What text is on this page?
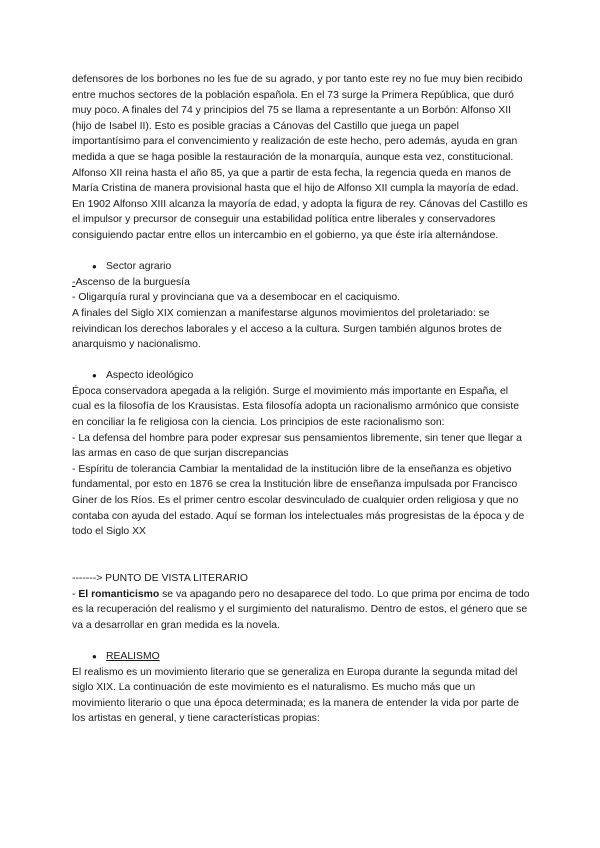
defensores de los borbones no les fue de su agrado, y por tanto este rey no fue muy bien recibido entre muchos sectores de la población española. En el 73 surge la Primera República, que duró muy poco. A finales del 74 y principios del 75 se llama a representante a un Borbón: Alfonso XII (hijo de Isabel II). Esto es posible gracias a Cánovas del Castillo que juega un papel importantísimo para el convencimiento y realización de este hecho, pero además, ayuda en gran medida a que se haga posible la restauración de la monarquía, aunque esta vez, constitucional. Alfonso XII reina hasta el año 85, ya que a partir de esta fecha, la regencia queda en manos de María Cristina de manera provisional hasta que el hijo de Alfonso XII cumpla la mayoría de edad. En 1902 Alfonso XIII alcanza la mayoría de edad, y adopta la figura de rey. Cánovas del Castillo es el impulsor y precursor de conseguir una estabilidad política entre liberales y conservadores consiguiendo pactar entre ellos un intercambio en el gobierno, ya que éste iría alternándose.

● Sector agrario

-Ascenso de la burguesía

- Oligarquía rural y provinciana que va a desembocar en el caciquismo.

A finales del Siglo XIX comienzan a manifestarse algunos movimientos del proletariado: se reivindican los derechos laborales y el acceso a la cultura. Surgen también algunos brotes de anarquismo y nacionalismo.

● Aspecto ideológico

Época conservadora apegada a la religión. Surge el movimiento más importante en España, el cual es la filosofía de los Krausistas. Esta filosofía adopta un racionalismo armónico que consiste en conciliar la fe religiosa con la ciencia. Los principios de este racionalismo son:

- La defensa del hombre para poder expresar sus pensamientos libremente, sin tener que llegar a las armas en caso de que surjan discrepancias

- Espíritu de tolerancia Cambiar la mentalidad de la institución libre de la enseñanza es objetivo fundamental, por esto en 1876 se crea la Institución libre de enseñanza impulsada por Francisco Giner de los Ríos. Es el primer centro escolar desvinculado de cualquier orden religiosa y que no contaba con ayuda del estado. Aquí se forman los intelectuales más progresistas de la época y de todo el Siglo XX

-------> PUNTO DE VISTA LITERARIO

- El romanticismo se va apagando pero no desaparece del todo. Lo que prima por encima de todo es la recuperación del realismo y el surgimiento del naturalismo. Dentro de estos, el género que se va a desarrollar en gran medida es la novela.

● REALISMO

El realismo es un movimiento literario que se generaliza en Europa durante la segunda mitad del siglo XIX. La continuación de este movimiento es el naturalismo. Es mucho más que un movimiento literario o que una época determinada; es la manera de entender la vida por parte de los artistas en general, y tiene características propias:
